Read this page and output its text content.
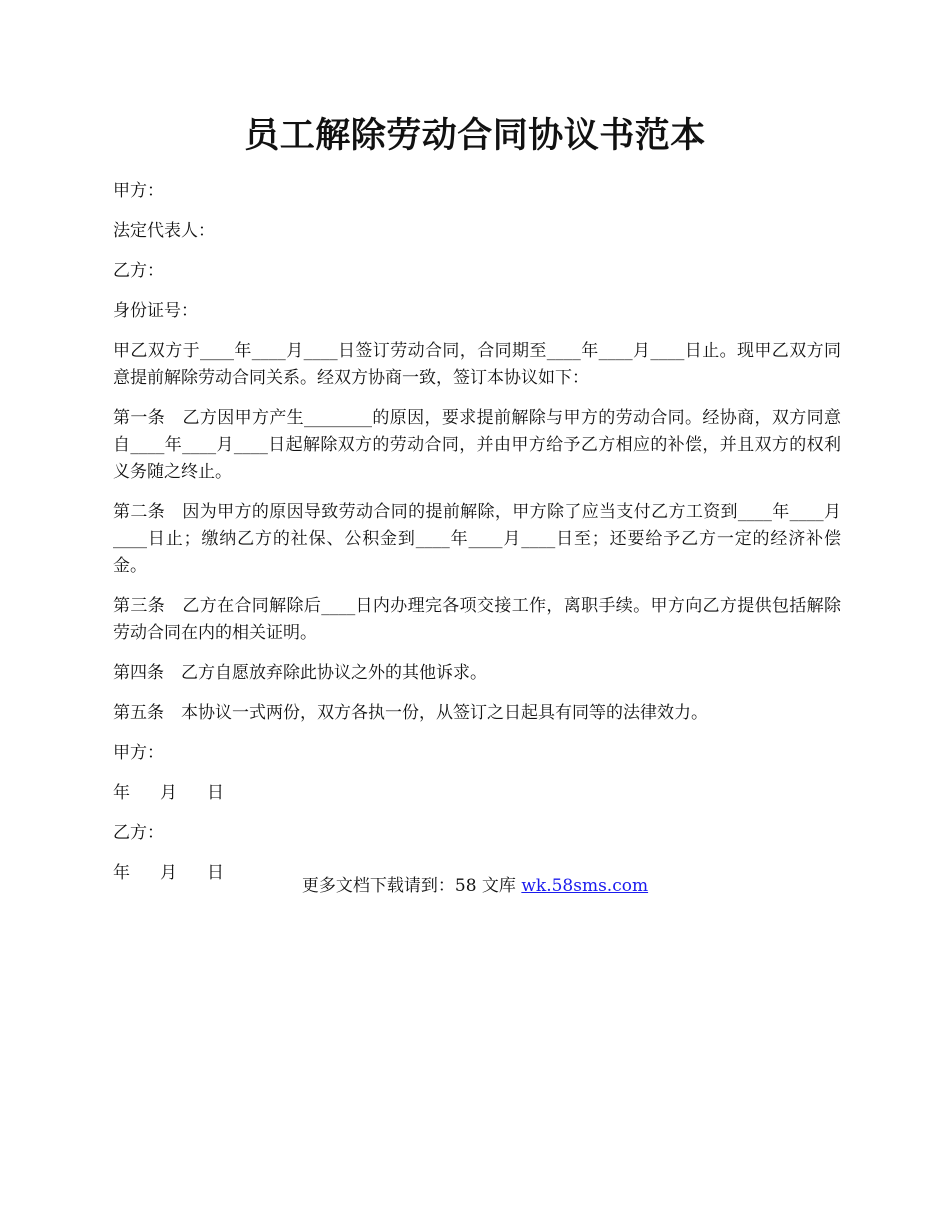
员工解除劳动合同协议书范本

甲方：

法定代表人：

乙方：

身份证号：

甲乙双方于____年____月____日签订劳动合同，合同期至____年____月____日止。现甲乙双方同意提前解除劳动合同关系。经双方协商一致，签订本协议如下：

第一条　乙方因甲方产生________的原因，要求提前解除与甲方的劳动合同。经协商，双方同意自____年____月____日起解除双方的劳动合同，并由甲方给予乙方相应的补偿，并且双方的权利义务随之终止。

第二条　因为甲方的原因导致劳动合同的提前解除，甲方除了应当支付乙方工资到____年____月____日止；缴纳乙方的社保、公积金到____年____月____日至；还要给予乙方一定的经济补偿金。

第三条　乙方在合同解除后____日内办理完各项交接工作，离职手续。甲方向乙方提供包括解除劳动合同在内的相关证明。

第四条　乙方自愿放弃除此协议之外的其他诉求。

第五条　本协议一式两份，双方各执一份，从签订之日起具有同等的法律效力。

甲方：

年 月 日

乙方：

年 月 日

更多文档下载请到：58 文库 wk.58sms.com
